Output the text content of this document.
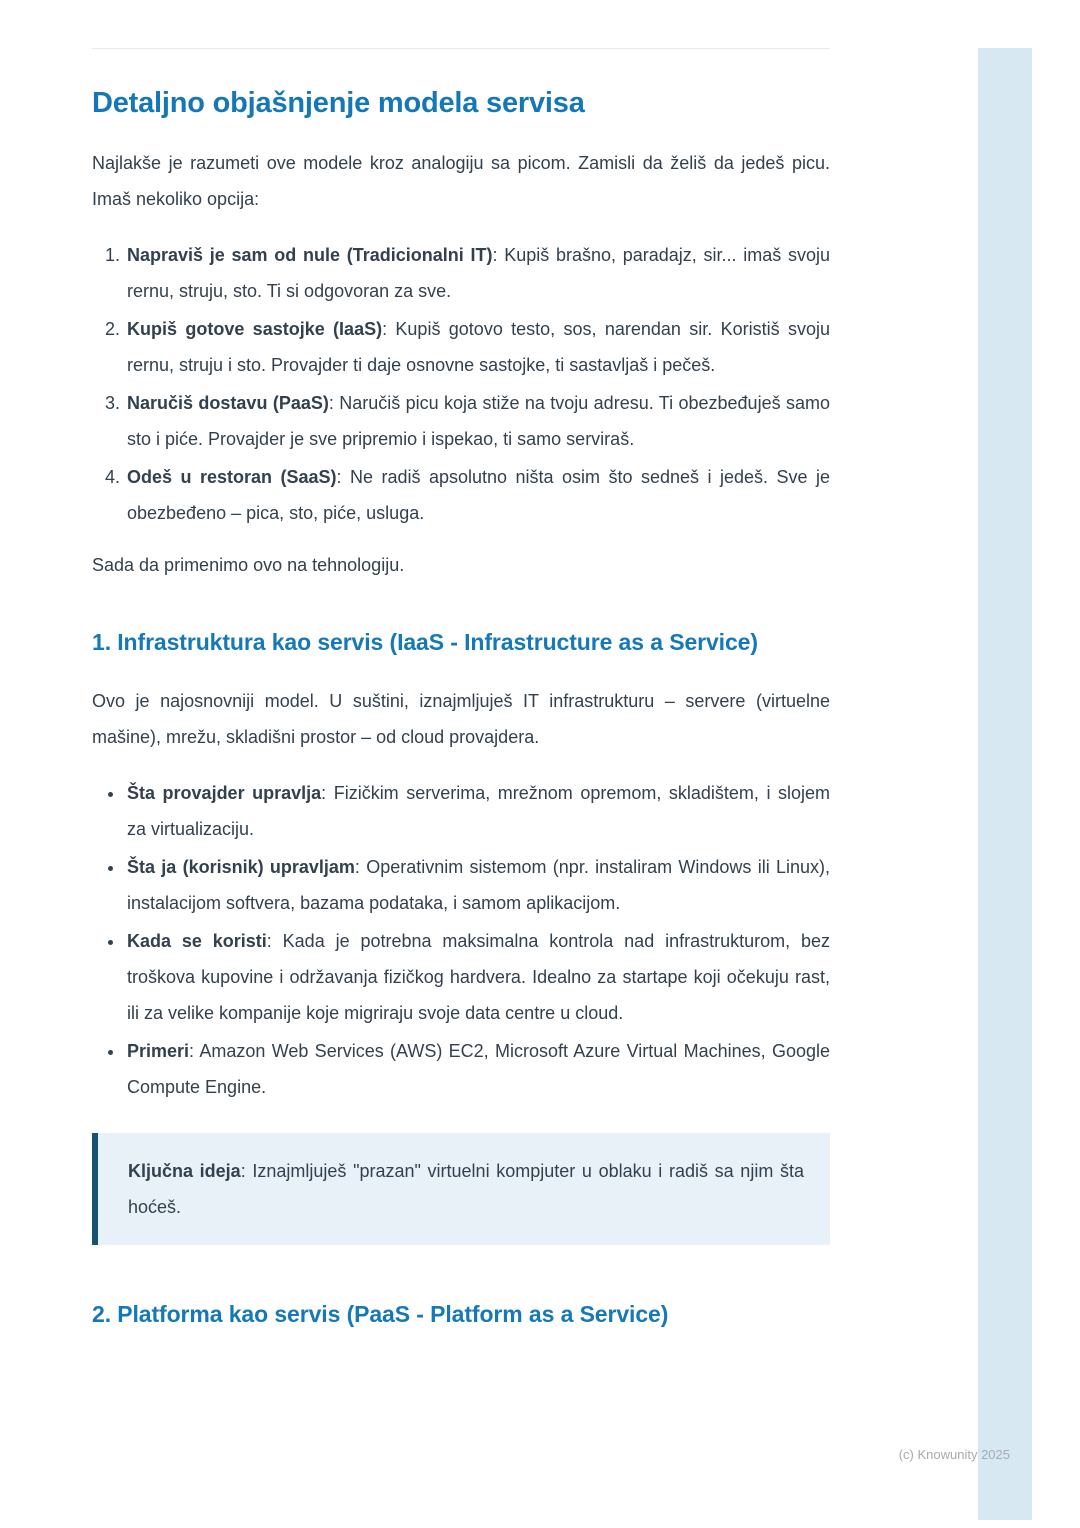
Detaljno objašnjenje modela servisa

Najlakše je razumeti ove modele kroz analogiju sa picom. Zamisli da želiš da jedeš picu. Imaš nekoliko opcija:

1. Napraviš je sam od nule (Tradicionalni IT): Kupiš brašno, paradajz, sir... imaš svoju rernu, struju, sto. Ti si odgovoran za sve.
2. Kupiš gotove sastojke (IaaS): Kupiš gotovo testo, sos, narendan sir. Koristiš svoju rernu, struju i sto. Provajder ti daje osnovne sastojke, ti sastavljaš i pečeš.
3. Naručiš dostavu (PaaS): Naručiš picu koja stiže na tvoju adresu. Ti obezbeđuješ samo sto i piće. Provajder je sve pripremio i ispekao, ti samo serviraš.
4. Odeš u restoran (SaaS): Ne radiš apsolutno ništa osim što sedneš i jedeš. Sve je obezbeđeno – pica, sto, piće, usluga.

Sada da primenimo ovo na tehnologiju.

1. Infrastruktura kao servis (IaaS - Infrastructure as a Service)

Ovo je najosnovniji model. U suštini, iznajmljuješ IT infrastrukturu – servere (virtuelne mašine), mrežu, skladišni prostor – od cloud provajdera.

• Šta provajder upravlja: Fizičkim serverima, mrežnom opremom, skladištem, i slojem za virtualizaciju.
• Šta ja (korisnik) upravljam: Operativnim sistemom (npr. instaliram Windows ili Linux), instalacijom softvera, bazama podataka, i samom aplikacijom.
• Kada se koristi: Kada je potrebna maksimalna kontrola nad infrastrukturom, bez troškova kupovine i održavanja fizičkog hardvera. Idealno za startape koji očekuju rast, ili za velike kompanije koje migriraju svoje data centre u cloud.
• Primeri: Amazon Web Services (AWS) EC2, Microsoft Azure Virtual Machines, Google Compute Engine.

Ključna ideja: Iznajmljuješ "prazan" virtuelni kompjuter u oblaku i radiš sa njim šta hoćeš.

2. Platforma kao servis (PaaS - Platform as a Service)
(c) Knowunity 2025
